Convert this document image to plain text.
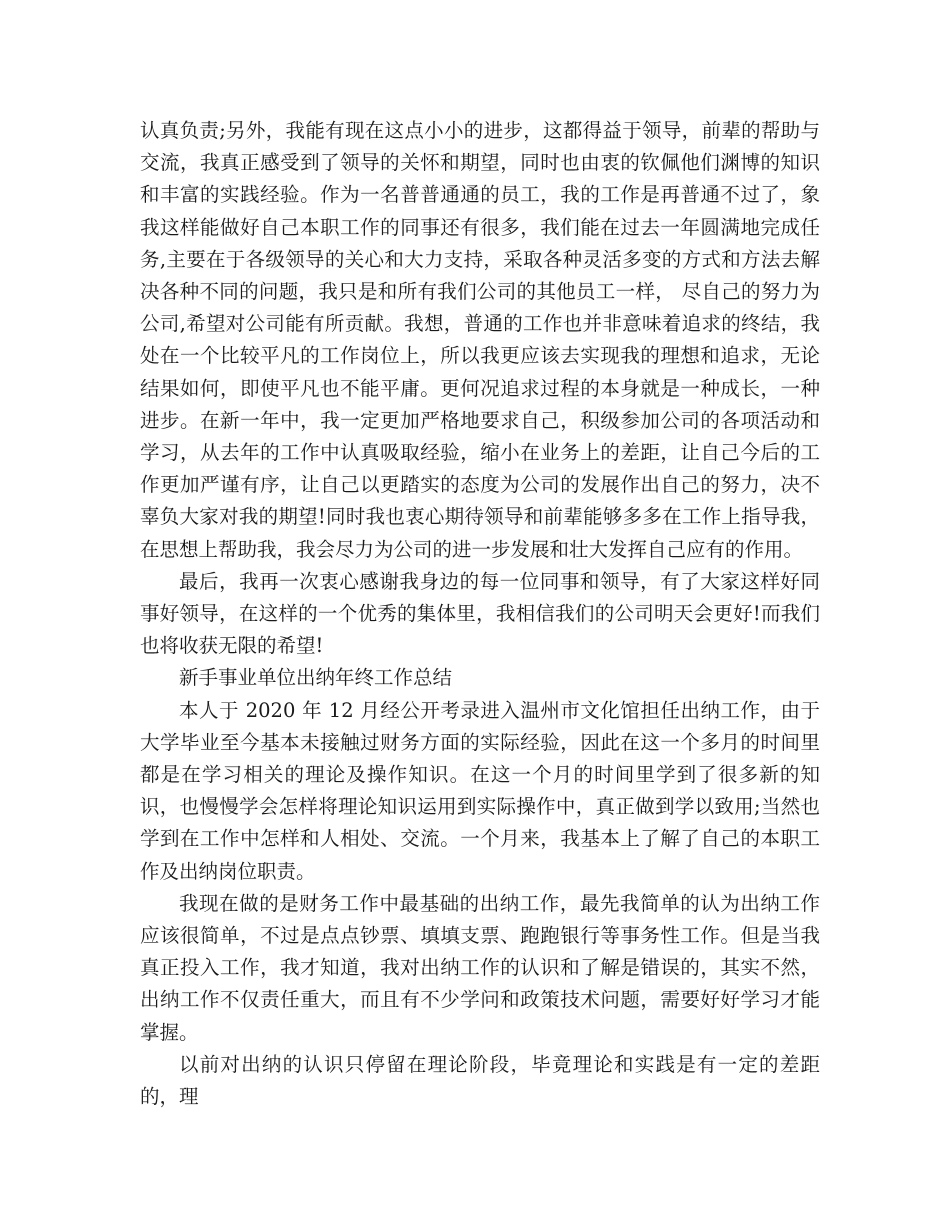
认真负责;另外，我能有现在这点小小的进步，这都得益于领导，前辈的帮助与交流，我真正感受到了领导的关怀和期望，同时也由衷的钦佩他们渊博的知识和丰富的实践经验。作为一名普普通通的员工，我的工作是再普通不过了，象我这样能做好自己本职工作的同事还有很多，我们能在过去一年圆满地完成任务,主要在于各级领导的关心和大力支持，采取各种灵活多变的方式和方法去解决各种不同的问题，我只是和所有我们公司的其他员工一样， 尽自己的努力为公司,希望对公司能有所贡献。我想，普通的工作也并非意味着追求的终结，我处在一个比较平凡的工作岗位上，所以我更应该去实现我的理想和追求，无论结果如何，即使平凡也不能平庸。更何况追求过程的本身就是一种成长，一种进步。在新一年中，我一定更加严格地要求自己，积级参加公司的各项活动和学习，从去年的工作中认真吸取经验，缩小在业务上的差距，让自己今后的工作更加严谨有序，让自己以更踏实的态度为公司的发展作出自己的努力，决不辜负大家对我的期望!同时我也衷心期待领导和前辈能够多多在工作上指导我，在思想上帮助我，我会尽力为公司的进一步发展和壮大发挥自己应有的作用。

最后，我再一次衷心感谢我身边的每一位同事和领导，有了大家这样好同事好领导，在这样的一个优秀的集体里，我相信我们的公司明天会更好!而我们也将收获无限的希望!

新手事业单位出纳年终工作总结

本人于 2020 年 12 月经公开考录进入温州市文化馆担任出纳工作，由于大学毕业至今基本未接触过财务方面的实际经验，因此在这一个多月的时间里都是在学习相关的理论及操作知识。在这一个月的时间里学到了很多新的知识，也慢慢学会怎样将理论知识运用到实际操作中，真正做到学以致用;当然也学到在工作中怎样和人相处、交流。一个月来，我基本上了解了自己的本职工作及出纳岗位职责。

我现在做的是财务工作中最基础的出纳工作，最先我简单的认为出纳工作应该很简单，不过是点点钞票、填填支票、跑跑银行等事务性工作。但是当我真正投入工作，我才知道，我对出纳工作的认识和了解是错误的，其实不然，出纳工作不仅责任重大，而且有不少学问和政策技术问题，需要好好学习才能掌握。

以前对出纳的认识只停留在理论阶段，毕竟理论和实践是有一定的差距的，理
